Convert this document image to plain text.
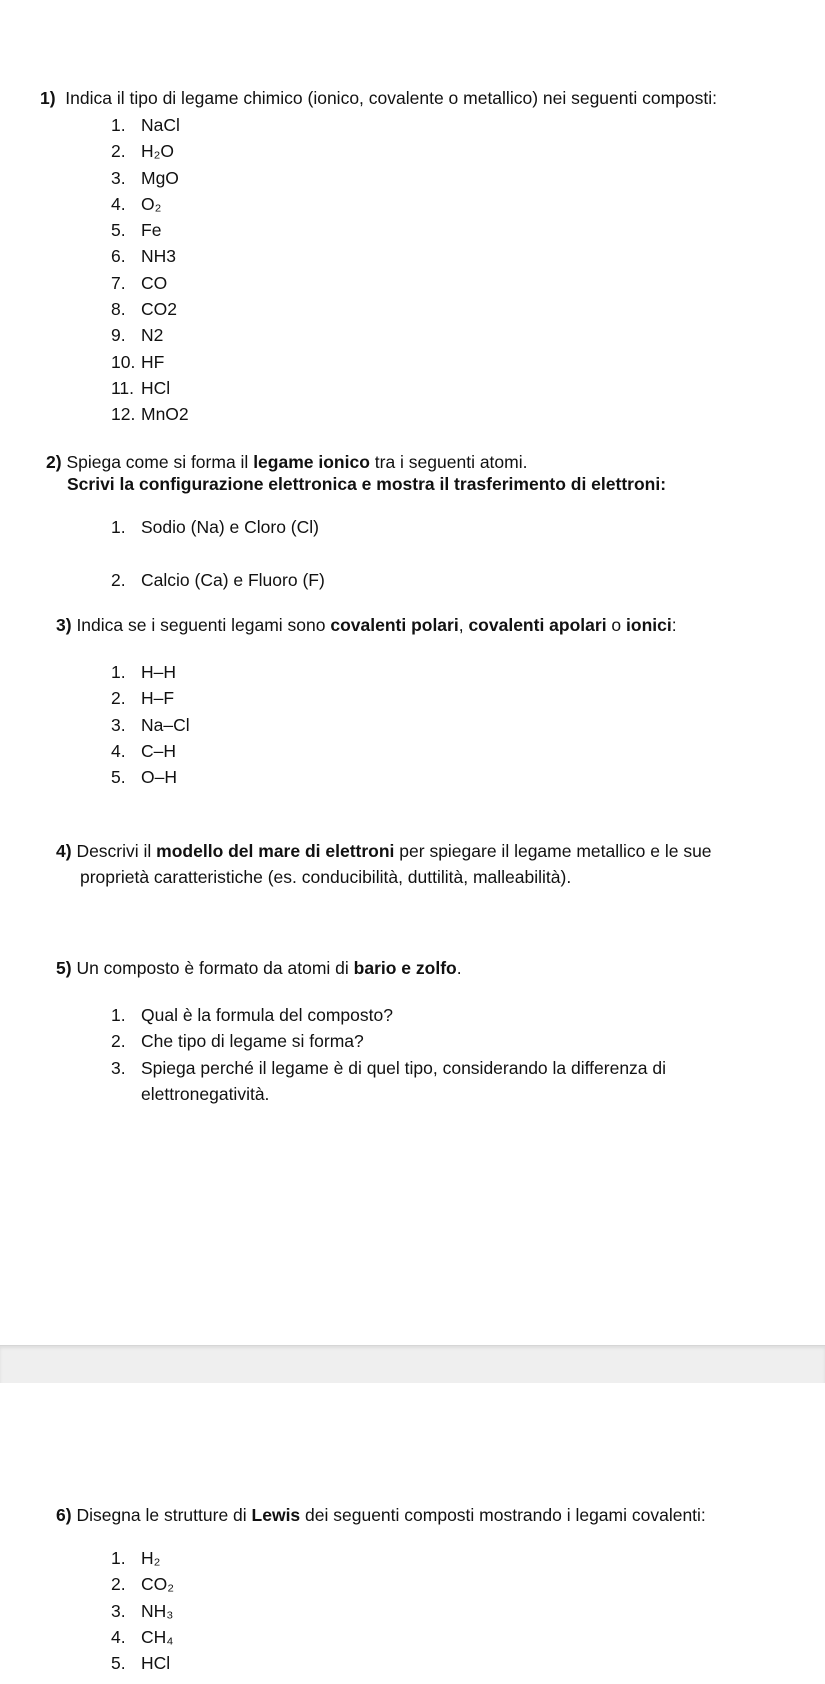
1) Indica il tipo di legame chimico (ionico, covalente o metallico) nei seguenti composti:
1. NaCl
2. H₂O
3. MgO
4. O₂
5. Fe
6. NH3
7. CO
8. CO2
9. N2
10. HF
11. HCl
12. MnO2
2) Spiega come si forma il legame ionico tra i seguenti atomi.
Scrivi la configurazione elettronica e mostra il trasferimento di elettroni:
1. Sodio (Na) e Cloro (Cl)
2. Calcio (Ca) e Fluoro (F)
3) Indica se i seguenti legami sono covalenti polari, covalenti apolari o ionici:
1. H–H
2. H–F
3. Na–Cl
4. C–H
5. O–H
4) Descrivi il modello del mare di elettroni per spiegare il legame metallico e le sue
proprietà caratteristiche (es. conducibilità, duttilità, malleabilità).
5) Un composto è formato da atomi di bario e zolfo.
1. Qual è la formula del composto?
2. Che tipo di legame si forma?
3. Spiega perché il legame è di quel tipo, considerando la differenza di
elettronegatività.
6) Disegna le strutture di Lewis dei seguenti composti mostrando i legami covalenti:
1. H₂
2. CO₂
3. NH₃
4. CH₄
5. HCl
